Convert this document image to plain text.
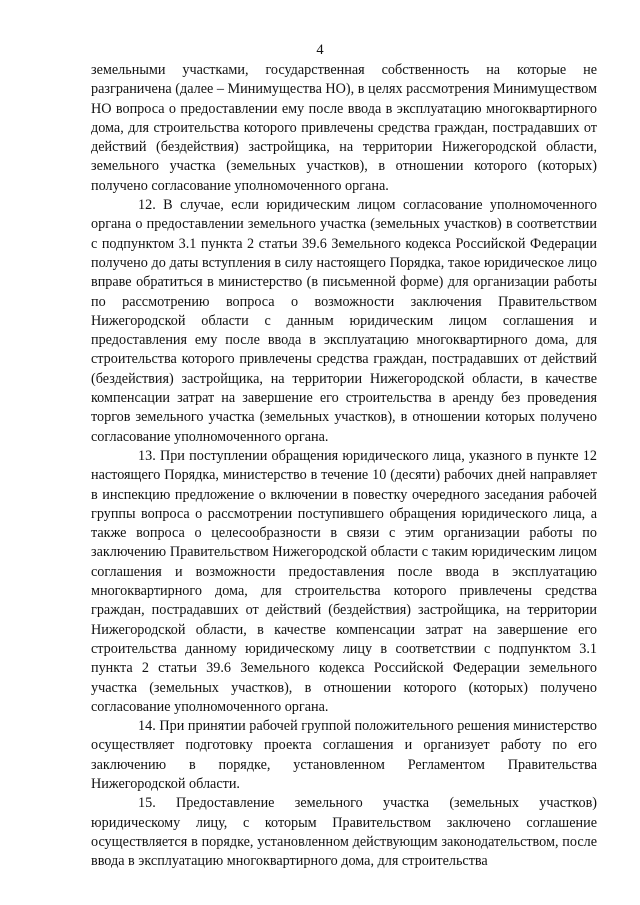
4

земельными участками, государственная собственность на которые не разграничена (далее – Минимущества НО), в целях рассмотрения Минимуществом НО вопроса о предоставлении ему после ввода в эксплуатацию многоквартирного дома, для строительства которого привлечены средства граждан, пострадавших от действий (бездействия) застройщика, на территории Нижегородской области, земельного участка (земельных участков), в отношении которого (которых) получено согласование уполномоченного органа.

12. В случае, если юридическим лицом согласование уполномоченного органа о предоставлении земельного участка (земельных участков) в соответствии с подпунктом 3.1 пункта 2 статьи 39.6 Земельного кодекса Российской Федерации получено до даты вступления в силу настоящего Порядка, такое юридическое лицо вправе обратиться в министерство (в письменной форме) для организации работы по рассмотрению вопроса о возможности заключения Правительством Нижегородской области с данным юридическим лицом соглашения и предоставления ему после ввода в эксплуатацию многоквартирного дома, для строительства которого привлечены средства граждан, пострадавших от действий (бездействия) застройщика, на территории Нижегородской области, в качестве компенсации затрат на завершение его строительства в аренду без проведения торгов земельного участка (земельных участков), в отношении которых получено согласование уполномоченного органа.

13. При поступлении обращения юридического лица, указного в пункте 12 настоящего Порядка, министерство в течение 10 (десяти) рабочих дней направляет в инспекцию предложение о включении в повестку очередного заседания рабочей группы вопроса о рассмотрении поступившего обращения юридического лица, а также вопроса о целесообразности в связи с этим организации работы по заключению Правительством Нижегородской области с таким юридическим лицом соглашения и возможности предоставления после ввода в эксплуатацию многоквартирного дома, для строительства которого привлечены средства граждан, пострадавших от действий (бездействия) застройщика, на территории Нижегородской области, в качестве компенсации затрат на завершение его строительства данному юридическому лицу в соответствии с подпунктом 3.1 пункта 2 статьи 39.6 Земельного кодекса Российской Федерации земельного участка (земельных участков), в отношении которого (которых) получено согласование уполномоченного органа.

14. При принятии рабочей группой положительного решения министерство осуществляет подготовку проекта соглашения и организует работу по его заключению в порядке, установленном Регламентом Правительства Нижегородской области.

15. Предоставление земельного участка (земельных участков) юридическому лицу, с которым Правительством заключено соглашение осуществляется в порядке, установленном действующим законодательством, после ввода в эксплуатацию многоквартирного дома, для строительства
